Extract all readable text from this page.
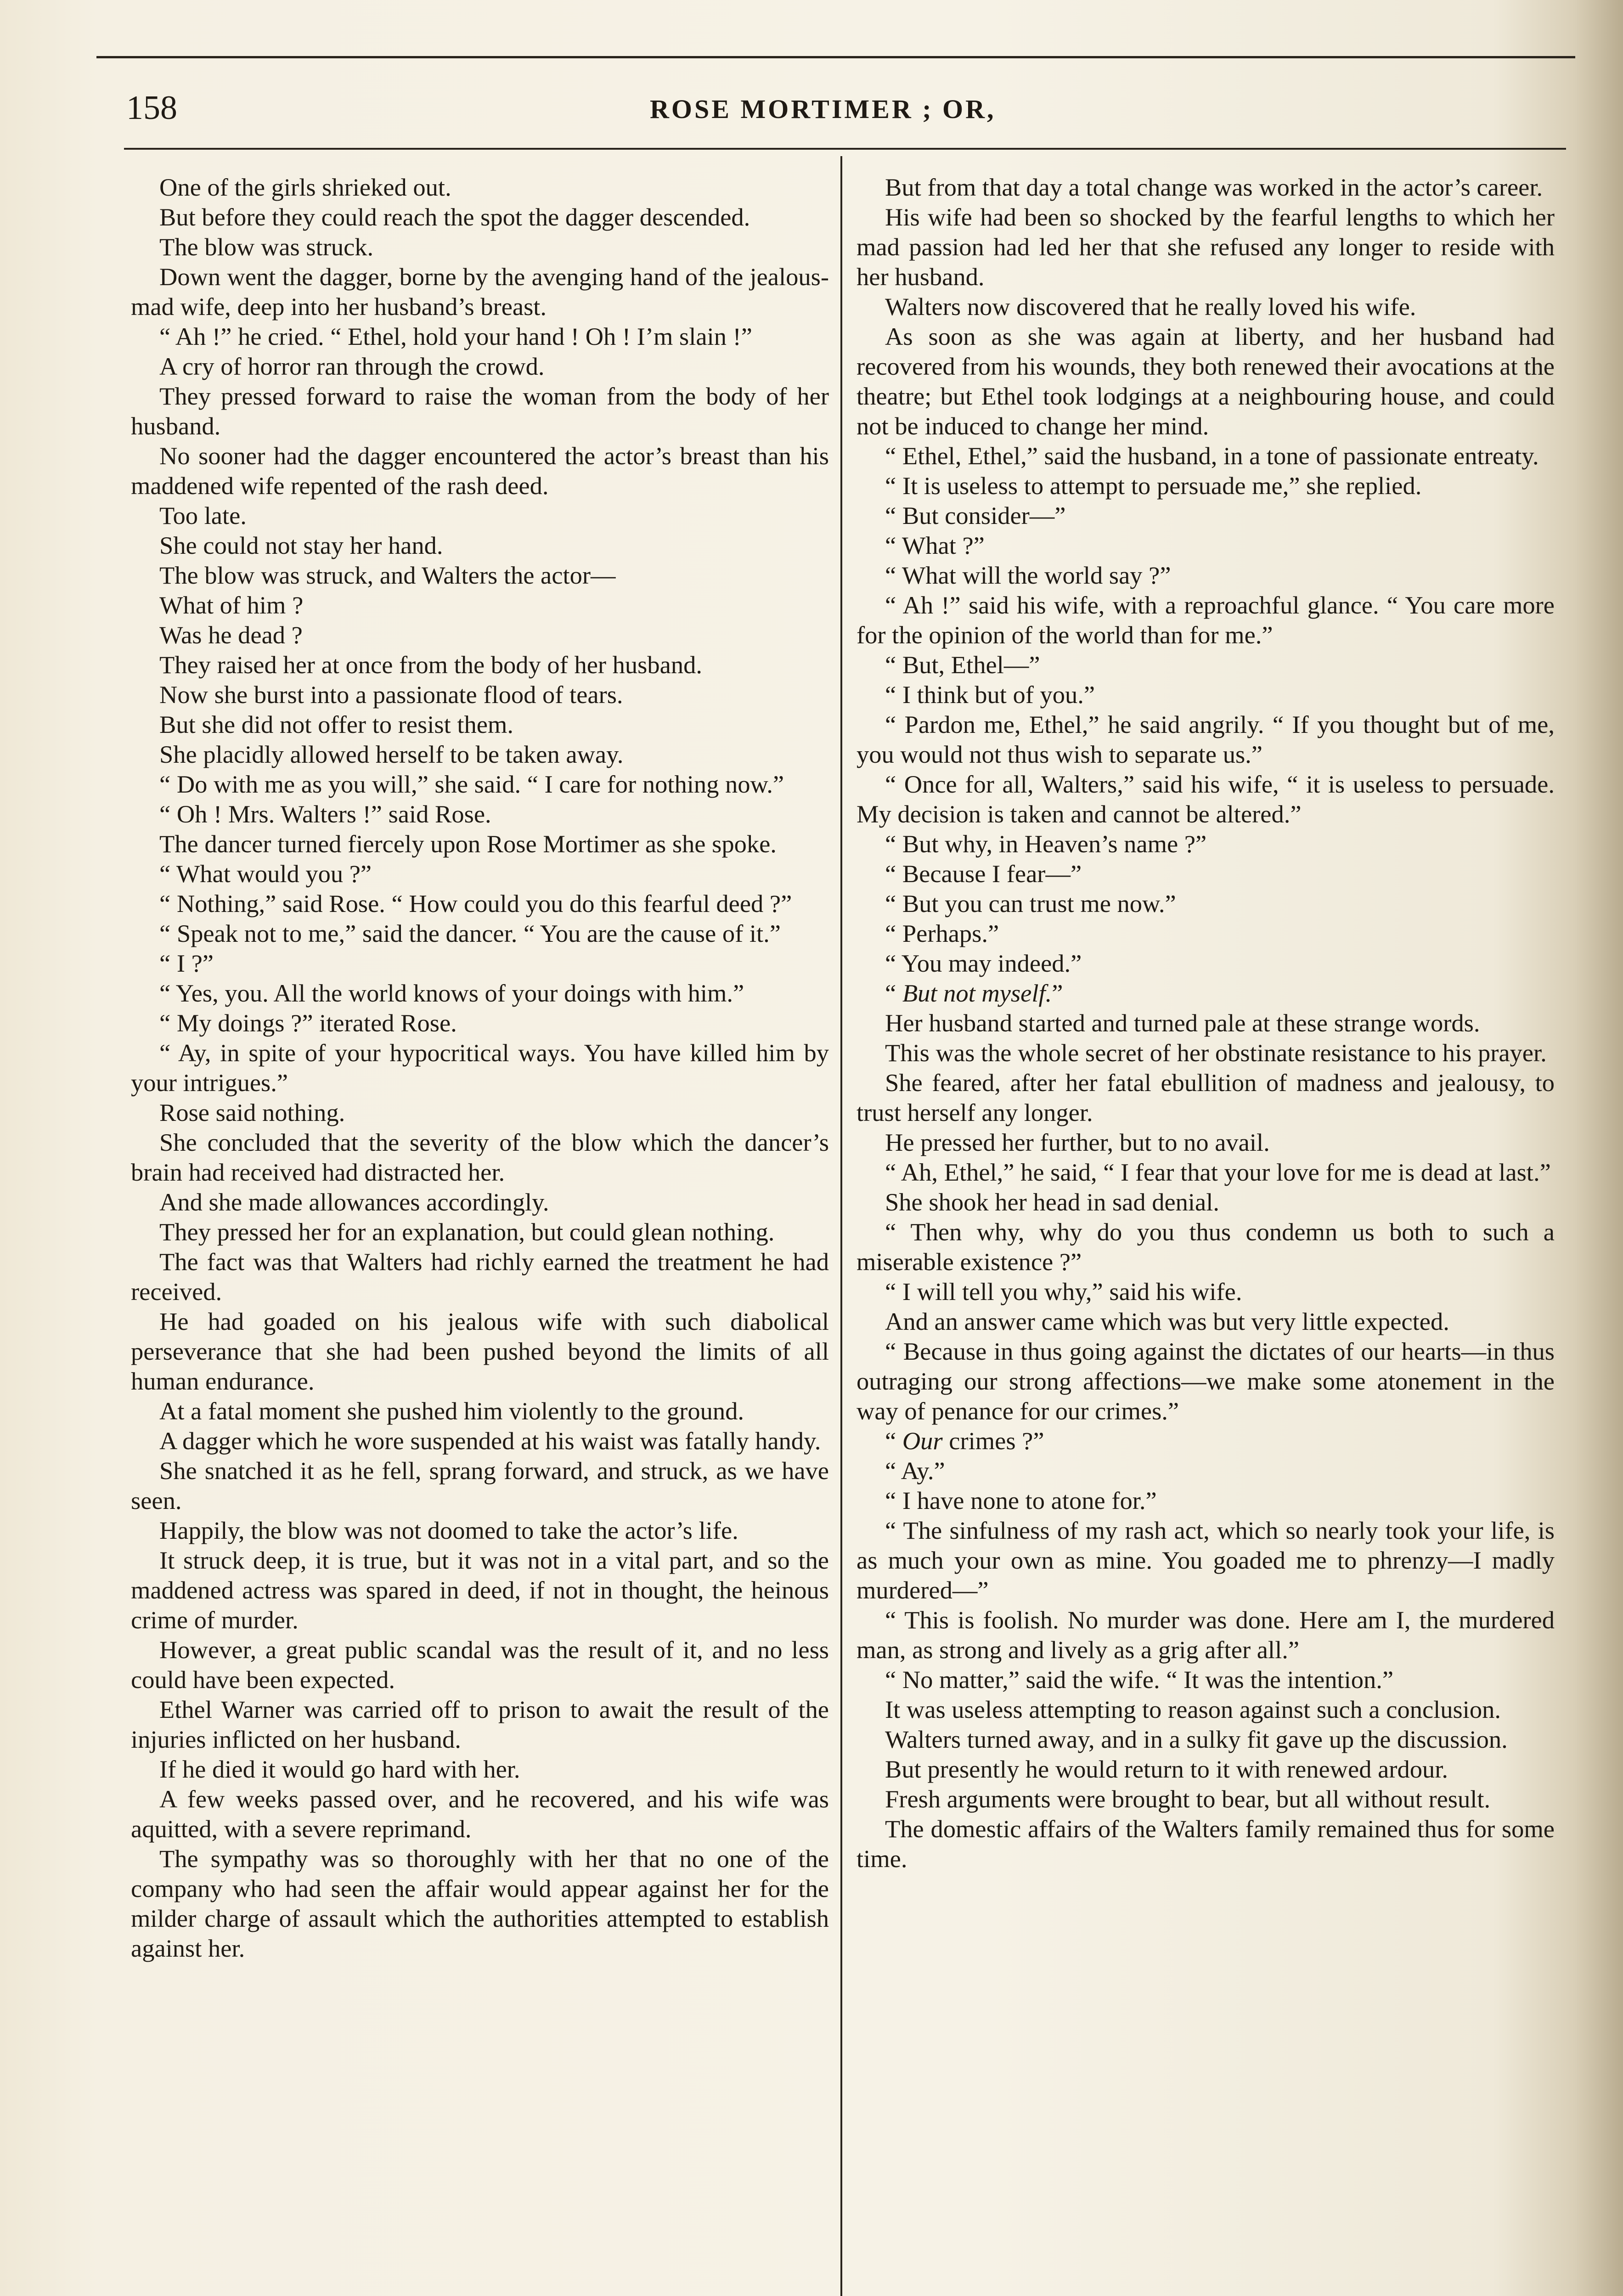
158	ROSE MORTIMER ; OR,

One of the girls shrieked out.

But before they could reach the spot the dagger descended.

The blow was struck.

Down went the dagger, borne by the avenging hand of the jealous-mad wife, deep into her husband’s breast.

“ Ah !” he cried. “ Ethel, hold your hand ! Oh ! I’m slain !”

A cry of horror ran through the crowd.

They pressed forward to raise the woman from the body of her husband.

No sooner had the dagger encountered the actor’s breast than his maddened wife repented of the rash deed.

Too late.

She could not stay her hand.

The blow was struck, and Walters the actor—

What of him ?

Was he dead ?

They raised her at once from the body of her husband.

Now she burst into a passionate flood of tears.

But she did not offer to resist them.

She placidly allowed herself to be taken away.

“ Do with me as you will,” she said. “ I care for nothing now.”

“ Oh ! Mrs. Walters !” said Rose.

The dancer turned fiercely upon Rose Mortimer as she spoke.

“ What would you ?”

“ Nothing,” said Rose. “ How could you do this fearful deed ?”

“ Speak not to me,” said the dancer. “ You are the cause of it.”

“ I ?”

“ Yes, you. All the world knows of your doings with him.”

“ My doings ?” iterated Rose.

“ Ay, in spite of your hypocritical ways. You have killed him by your intrigues.”

Rose said nothing.

She concluded that the severity of the blow which the dancer’s brain had received had distracted her.

And she made allowances accordingly.

They pressed her for an explanation, but could glean nothing.

The fact was that Walters had richly earned the treatment he had received.

He had goaded on his jealous wife with such diabolical perseverance that she had been pushed beyond the limits of all human endurance.

At a fatal moment she pushed him violently to the ground.

A dagger which he wore suspended at his waist was fatally handy.

She snatched it as he fell, sprang forward, and struck, as we have seen.

Happily, the blow was not doomed to take the actor’s life.

It struck deep, it is true, but it was not in a vital part, and so the maddened actress was spared in deed, if not in thought, the heinous crime of murder.

However, a great public scandal was the result of it, and no less could have been expected.

Ethel Warner was carried off to prison to await the result of the injuries inflicted on her husband.

If he died it would go hard with her.

A few weeks passed over, and he recovered, and his wife was aquitted, with a severe reprimand.

The sympathy was so thoroughly with her that no one of the company who had seen the affair would appear against her for the milder charge of assault which the authorities attempted to establish against her.

But from that day a total change was worked in the actor’s career.

His wife had been so shocked by the fearful lengths to which her mad passion had led her that she refused any longer to reside with her husband.

Walters now discovered that he really loved his wife.

As soon as she was again at liberty, and her husband had recovered from his wounds, they both renewed their avocations at the theatre; but Ethel took lodgings at a neighbouring house, and could not be induced to change her mind.

“ Ethel, Ethel,” said the husband, in a tone of passionate entreaty.

“ It is useless to attempt to persuade me,” she replied.

“ But consider—”

“ What ?”

“ What will the world say ?”

“ Ah !” said his wife, with a reproachful glance. “ You care more for the opinion of the world than for me.”

“ But, Ethel—”

“ I think but of you.”

“ Pardon me, Ethel,” he said angrily. “ If you thought but of me, you would not thus wish to separate us.”

“ Once for all, Walters,” said his wife, “ it is useless to persuade. My decision is taken and cannot be altered.”

“ But why, in Heaven’s name ?”

“ Because I fear—”

“ But you can trust me now.”

“ Perhaps.”

“ You may indeed.”

“ But not myself.”

Her husband started and turned pale at these strange words.

This was the whole secret of her obstinate resistance to his prayer.

She feared, after her fatal ebullition of madness and jealousy, to trust herself any longer.

He pressed her further, but to no avail.

“ Ah, Ethel,” he said, “ I fear that your love for me is dead at last.”

She shook her head in sad denial.

“ Then why, why do you thus condemn us both to such a miserable existence ?”

“ I will tell you why,” said his wife.

And an answer came which was but very little expected.

“ Because in thus going against the dictates of our hearts—in thus outraging our strong affections—we make some atonement in the way of penance for our crimes.”

“ Our crimes ?”

“ Ay.”

“ I have none to atone for.”

“ The sinfulness of my rash act, which so nearly took your life, is as much your own as mine. You goaded me to phrenzy—I madly murdered—”

“ This is foolish. No murder was done. Here am I, the murdered man, as strong and lively as a grig after all.”

“ No matter,” said the wife. “ It was the intention.”

It was useless attempting to reason against such a conclusion.

Walters turned away, and in a sulky fit gave up the discussion.

But presently he would return to it with renewed ardour.

Fresh arguments were brought to bear, but all without result.

The domestic affairs of the Walters family remained thus for some time.
